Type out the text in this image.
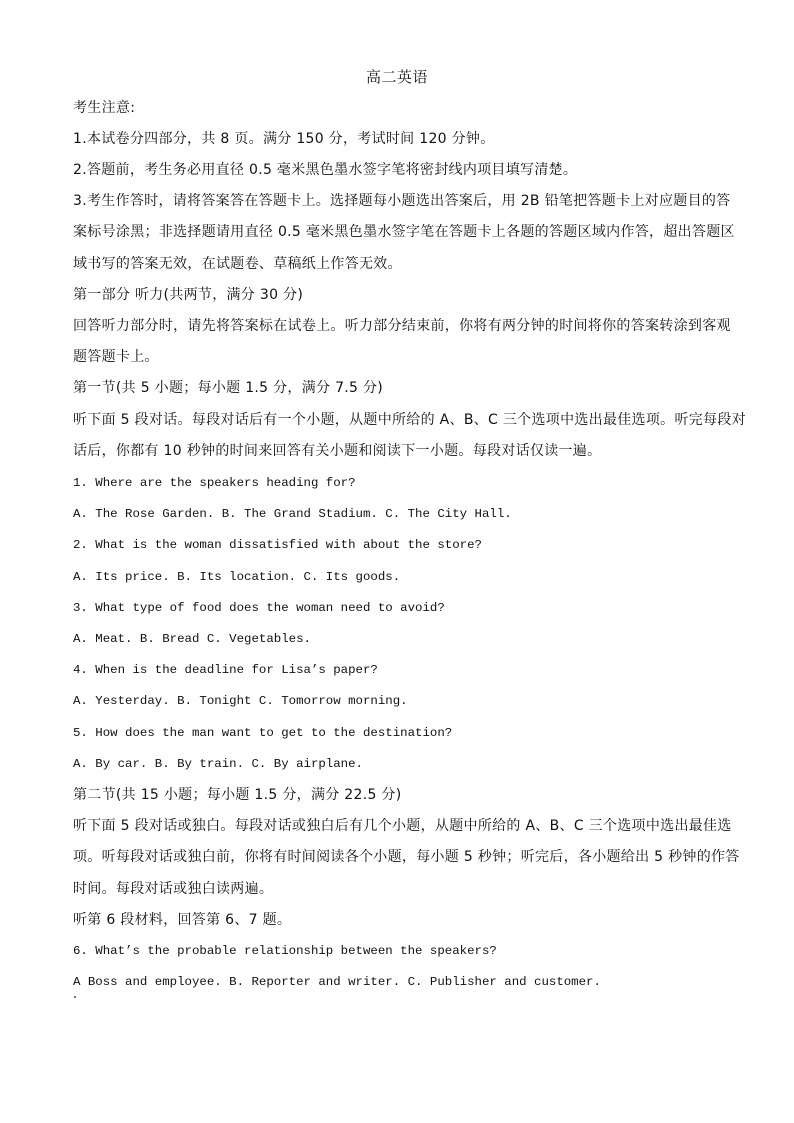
高二英语
考生注意:
1.本试卷分四部分，共 8 页。满分 150 分，考试时间 120 分钟。
2.答题前，考生务必用直径 0.5 毫米黑色墨水签字笔将密封线内项目填写清楚。
3.考生作答时，请将答案答在答题卡上。选择题每小题选出答案后，用 2B 铅笔把答题卡上对应题目的答
案标号涂黑；非选择题请用直径 0.5 毫米黑色墨水签字笔在答题卡上各题的答题区域内作答，超出答题区
域书写的答案无效，在试题卷、草稿纸上作答无效。
第一部分 听力(共两节，满分 30 分)
回答听力部分时，请先将答案标在试卷上。听力部分结束前，你将有两分钟的时间将你的答案转涂到客观
题答题卡上。
第一节(共 5 小题；每小题 1.5 分，满分 7.5 分)
听下面 5 段对话。每段对话后有一个小题，从题中所给的 A、B、C 三个选项中选出最佳选项。听完每段对
话后，你都有 10 秒钟的时间来回答有关小题和阅读下一小题。每段对话仅读一遍。
1. Where are the speakers heading for?
A. The Rose Garden. B. The Grand Stadium. C. The City Hall.
2. What is the woman dissatisfied with about the store?
A. Its price. B. Its location. C. Its goods.
3. What type of food does the woman need to avoid?
A. Meat. B. Bread C. Vegetables.
4. When is the deadline for Lisa’s paper?
A. Yesterday. B. Tonight C. Tomorrow morning.
5. How does the man want to get to the destination?
A. By car. B. By train. C. By airplane.
第二节(共 15 小题；每小题 1.5 分，满分 22.5 分)
听下面 5 段对话或独白。每段对话或独白后有几个小题，从题中所给的 A、B、C 三个选项中选出最佳选
项。听每段对话或独白前，你将有时间阅读各个小题，每小题 5 秒钟；听完后，各小题给出 5 秒钟的作答
时间。每段对话或独白读两遍。
听第 6 段材料，回答第 6、7 题。
6. What’s the probable relationship between the speakers?
A Boss and employee. B. Reporter and writer. C. Publisher and customer.
